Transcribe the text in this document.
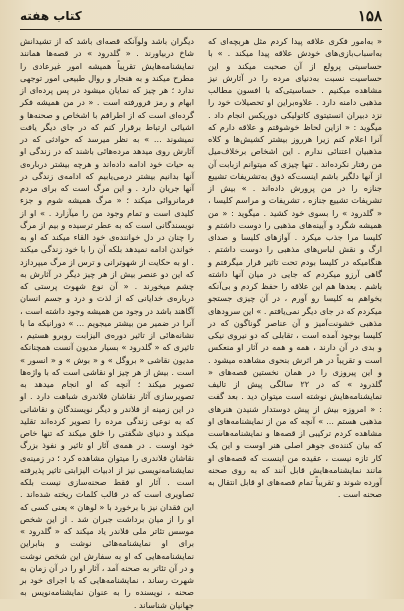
۱۵۸
کتاب هفته

« به‌امور فکری علاقه پیدا کردم مثل هربچه‌ای که به‌اسباب‌بازی‌های خودش علاقه پیدا میکند . » با حساسیتی پرولع از آن صحبت میکند و این حساسیت نسبت به‌دنیای مرده را در آثارش نیز مشاهده میکنیم . حساسیتی‌که با افسون مطالب مذهبی دامنه دارد . علاوه‌براین او تحصیلات خود را نزد دبیران انستیتوی کاتولیکی دوریکس انجام داد . میگوید : « ازاین لحاظ خوشوقتم و علاقه دارم که آنرا اعلام کنم زیرا هرروز بیشتر کشیش‌ها و کلاه مذهبیان اعتنائی ندارم . این اشخاص برخلاف‌میل من رفتار نکرده‌اند . تنها چیزی که میتوانم ازبابت آن از آنها دلگیر باشم اینست‌که ذوق به‌تشریفات تشییع جنازه را در من پرورش داده‌اند . » بیش از تشریفات تشییع جنازه ، تشریفات و مراسم کلیسا ، « گلدرود » را بسوی خود کشید . میگوید : « من همیشه شگرد و آیینه‌های مذهبی را دوست داشتم و کلیسا مرا جذب میکرد . آوازهای کلیسا و صدای ارگ و نقش لباس‌های مذهبی را دوست داشتم . هنگامیکه در کلیسا بودم تحت تاثیر قرار میگرفتم و گاهی آرزو میکردم که جایی در میان آنها داشته باشم . بعدها هم این علاقه را حفظ کردم و بی‌آنکه بخواهم به کلیسا رو آورم ، در آن چیزی جستجو میکردم که در جای دیگر نمی‌یافتم . » این سرودهای مذهبی خشونت‌آمیز و آن عناصر گوناگون که در کلیسا بوجود آمده است ، تقابلی که دو نیروی نیکی و بدی در آن دارند ، همه و همه در آثار او منعکس است و تقریباً در هر اثرش بنحوی مشاهده میشود . و این پیروزی را در همان نخستین قصه‌های « گلدرود » که در ۲۲ سالگی پیش از تالیف نمایشنامه‌هایش نوشته است میتوان دید . بعد گفت : « امروزه بیش از پیش دوستدار شنیدن هنرهای مذهبی هستم ... » آنچه که من از نمایشنامه‌های او مشاهده کردم ترکیبی از قصه‌ها و نمایشنامه‌هاست که بیان کننده‌ی جوهر اصلی هنر اوست و این یک کار تازه نیست ، عقیده من اینست که قصه‌های او مانند نمایشنامه‌هایش قابل آنند که به روی صحنه آورده شوند و تقریباً تمام قصه‌های او قابل انتقال به صحنه است .

دیگران باشد ولوآنکه قصه‌ای باشد که از تشیدانش شاخ دربیاورند . « گلدرود » در قصه‌ها همانند نمایشنامه‌هایش تقریباً همیشه امور غیرعادی را مطرح میکند و به هنجار و روال طبیعی امور توجهی ندارد ؛ هر چیز که نمایان میشود در پس پرده‌ای از ابهام و رمز فرورفته است . « در من همیشه فکر گرده‌ای است که از اطرافم با اشخاص و صحنه‌ها و اشیائی ارتباط برقرار کنم که در جای دیگر یافت نمیشوند ... » به نظر میرسد که حوادثی که در آثارش روی میدهد مرده‌هائی باشند که در زندگی او به حیات خود ادامه داده‌اند و هرچه بیشتر درباره‌ی آنها بدانیم بیشتر درمی‌یابیم که ادامه‌ی زندگی در آنها جریان دارد . و این مرگ است که برای مردم فرمانروائی میکند ؛ « مرگ همیشه شوم و جزء کلیدی است و تمام وجود من را میآزارد . » او از نویسندگانی است که به عطر ترسیده و بیم از مرگ را چنان در دل خواننده‌ی خود القاء میکند که او به خواندن ادامه نمیدهد بلکه آن را با خود زندگی میکند . او به حکایت از شهوترانی و ترس از مرگ میپردازد که این دو عنصر بیش از هر چیز دیگر در آثارش به چشم میخورند . « آن نوع شهوت پرستی که درباره‌ی خدایانی که از لذت و درد و جسم انسان آگاهند باشد در وجود من همیشه وجود داشته است ، آنرا در ضمیر من بیشتر میجویم ... » دورانیکه ما با نشانه‌هائی از تاثیر دوره‌ی الیزابت روبرو هستیم ، تاثیری که « گلدرود » بسیار مدیون آنست همچنانکه مدیون نقاشی « بروگل » و « بوش » و « انسور » است . بیش از هر چیز او نقاشی است که با واژه‌ها تصویر میکند ؛ آنچه که او انجام میدهد به تصویرسازی آثار نقاشان فلاندری شباهت دارد . او در این زمینه از فلاندر و دیگر نویسندگان و نقاشانی که به نوعی زندگی مرده را تصویر کرده‌اند تقلید میکند و دنیای شگفتی را خلق میکند که تنها خاص خود اوست . در همه‌ی آثار او تاثیر و نفوذ بزرگ نقاشان فلاندری را میتوان مشاهده کرد ؛ در زمینه‌ی نمایشنامه‌نویسی نیز از ادبیات الیزابتی تاثیر پذیرفته است . آثار او فقط صحنه‌سازی نیست بلکه تصاویری است که در قالب کلمات ریخته شده‌اند . این فقدان نیز با برخورد با « لوهان » یعنی کسی که او را از میان برداشت جبران شد . از این شخص موسس تئاتر ملی فلاندر یاد میکند که « گلدرود » برای او نمایشنامه‌هائی نوشت و بنابراین نمایشنامه‌هایی که او به سفارش این شخص نوشت و در آن تئاتر به صحنه آمد ، آثار او را در آن زمان به شهرت رساند ، نمایشنامه‌هایی که با اجرای خود بر صحنه ، نویسنده را به عنوان نمایشنامه‌نویس به جهانیان شناساند .
